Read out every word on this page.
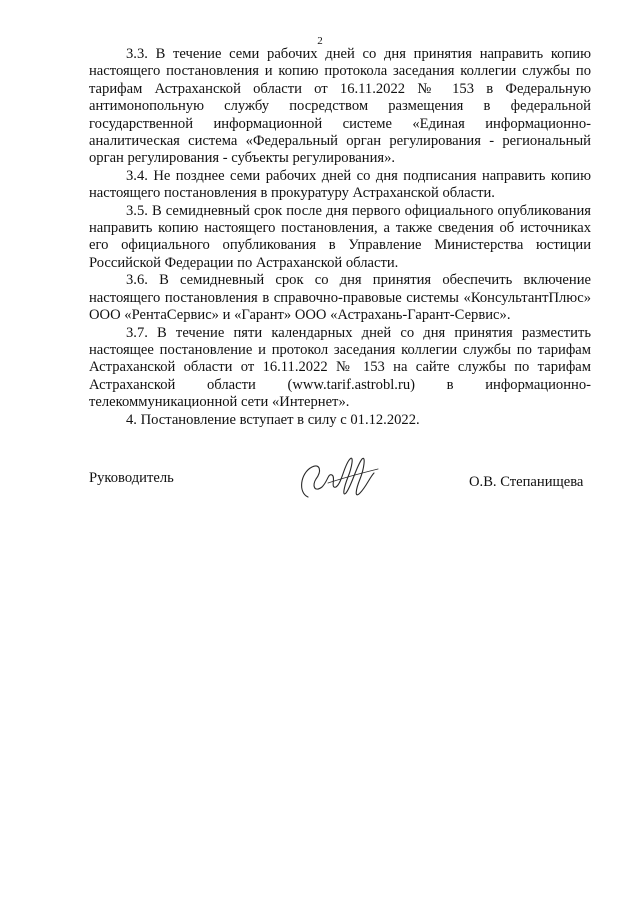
2

3.3. В течение семи рабочих дней со дня принятия направить копию настоящего постановления и копию протокола заседания коллегии службы по тарифам Астраханской области от 16.11.2022 № 153 в Федеральную антимонопольную службу посредством размещения в федеральной государственной информационной системе «Единая информационно-аналитическая система «Федеральный орган регулирования - региональный орган регулирования - субъекты регулирования».

3.4. Не позднее семи рабочих дней со дня подписания направить копию настоящего постановления в прокуратуру Астраханской области.

3.5. В семидневный срок после дня первого официального опубликования направить копию настоящего постановления, а также сведения об источниках его официального опубликования в Управление Министерства юстиции Российской Федерации по Астраханской области.

3.6. В семидневный срок со дня принятия обеспечить включение настоящего постановления в справочно-правовые системы «КонсультантПлюс» ООО «РентаСервис» и «Гарант» ООО «Астрахань-Гарант-Сервис».

3.7. В течение пяти календарных дней со дня принятия разместить настоящее постановление и протокол заседания коллегии службы по тарифам Астраханской области от 16.11.2022 № 153 на сайте службы по тарифам Астраханской области (www.tarif.astrobl.ru) в информационно-телекоммуникационной сети «Интернет».

4. Постановление вступает в силу с 01.12.2022.

Руководитель	О.В. Степанищева
